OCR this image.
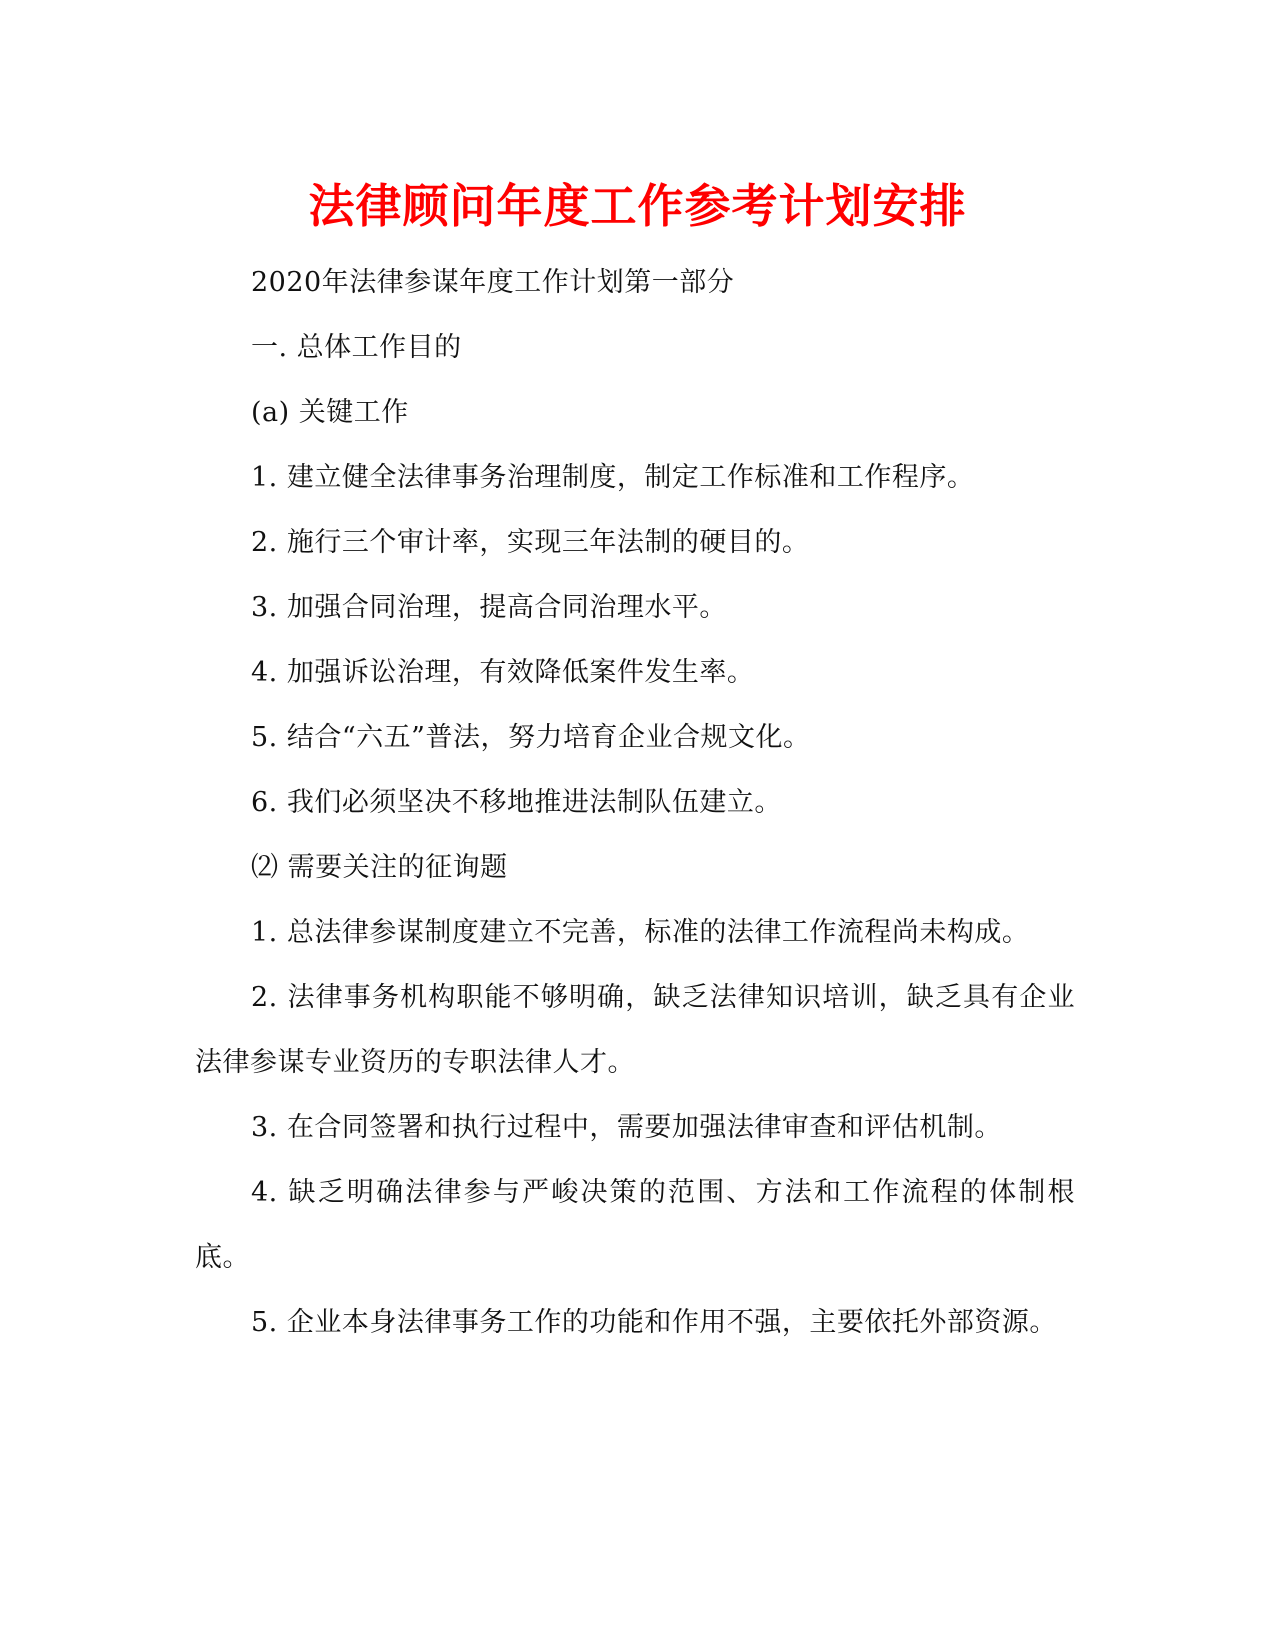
法律顾问年度工作参考计划安排

2020年法律参谋年度工作计划第一部分

一. 总体工作目的

(a) 关键工作

1. 建立健全法律事务治理制度，制定工作标准和工作程序。

2. 施行三个审计率，实现三年法制的硬目的。

3. 加强合同治理，提高合同治理水平。

4. 加强诉讼治理，有效降低案件发生率。

5. 结合“六五”普法，努力培育企业合规文化。

6. 我们必须坚决不移地推进法制队伍建立。

⑵ 需要关注的征询题

1. 总法律参谋制度建立不完善，标准的法律工作流程尚未构成。

2. 法律事务机构职能不够明确，缺乏法律知识培训，缺乏具有企业法律参谋专业资历的专职法律人才。

3. 在合同签署和执行过程中，需要加强法律审查和评估机制。

4. 缺乏明确法律参与严峻决策的范围、方法和工作流程的体制根底。

5. 企业本身法律事务工作的功能和作用不强，主要依托外部资源。
